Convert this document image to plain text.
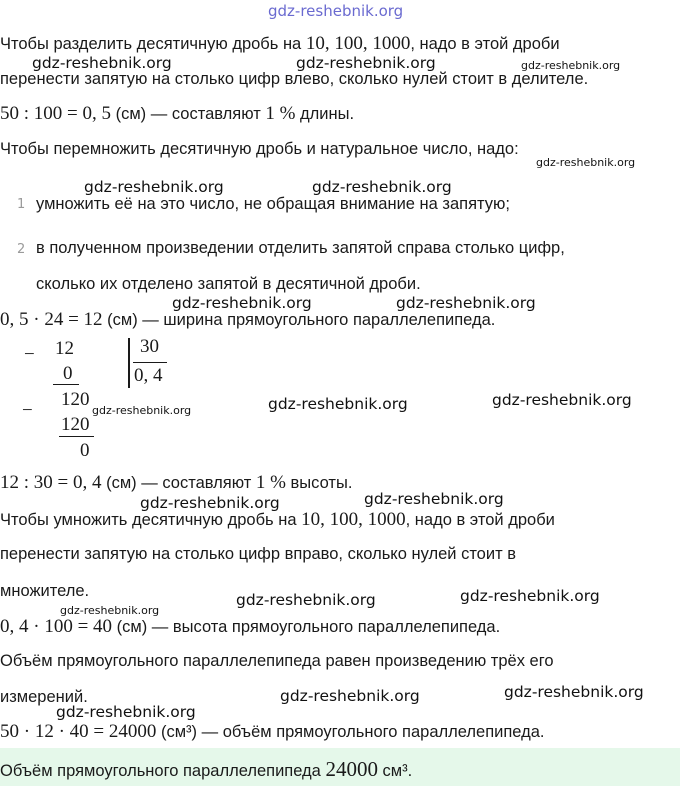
gdz-reshebnik.org
Чтобы разделить десятичную дробь на 10, 100, 1000, надо в этой дроби
перенести запятую на столько цифр влево, сколько нулей стоит в делителе.
50 : 100 = 0, 5 (см) — составляют 1 % длины.
Чтобы перемножить десятичную дробь и натуральное число, надо:
1 умножить её на это число, не обращая внимание на запятую;
2 в полученном произведении отделить запятой справа столько цифр,
сколько их отделено запятой в десятичной дроби.
0, 5 · 24 = 12 (см) — ширина прямоугольного параллелепипеда.
− 12
0
30
0, 4
−
120
120
0
12 : 30 = 0, 4 (см) — составляют 1 % высоты.
Чтобы умножить десятичную дробь на 10, 100, 1000, надо в этой дроби
перенести запятую на столько цифр вправо, сколько нулей стоит в
множителе.
0, 4 · 100 = 40 (см) — высота прямоугольного параллелепипеда.
Объём прямоугольного параллелепипеда равен произведению трёх его
измерений.
50 · 12 · 40 = 24000 (см³) — объём прямоугольного параллелепипеда.
Объём прямоугольного параллелепипеда 24000 см³.
gdz-reshebnik.org	gdz-reshebnik.org	gdz-reshebnik.org
gdz-reshebnik.org
gdz-reshebnik.org	gdz-reshebnik.org
gdz-reshebnik.org	gdz-reshebnik.org
gdz-reshebnik.org	gdz-reshebnik.org	gdz-reshebnik.org
gdz-reshebnik.org	gdz-reshebnik.org
gdz-reshebnik.org
gdz-reshebnik.org	gdz-reshebnik.org
gdz-reshebnik.org	gdz-reshebnik.org
gdz-reshebnik.org
